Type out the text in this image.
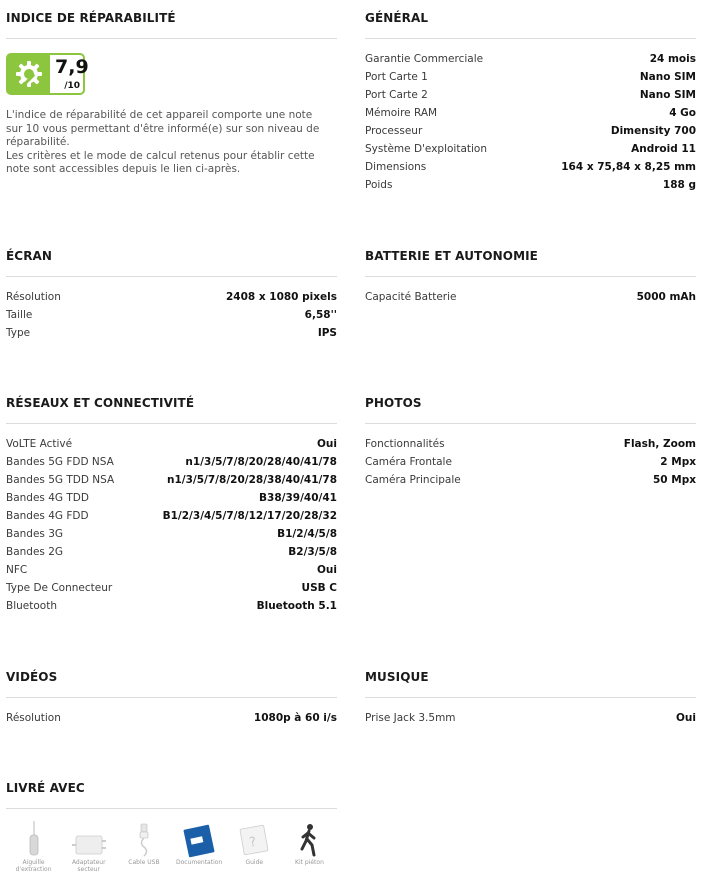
INDICE DE RÉPARABILITÉ
7,9
/10

L'indice de réparabilité de cet appareil comporte une note sur 10 vous permettant d'être informé(e) sur son niveau de réparabilité.

Les critères et le mode de calcul retenus pour établir cette note sont accessibles depuis le lien ci-après.

GÉNÉRAL
Garantie Commerciale	24 mois
Port Carte 1	Nano SIM
Port Carte 2	Nano SIM
Mémoire RAM	4 Go
Processeur	Dimensity 700
Système D'exploitation	Android 11
Dimensions	164 x 75,84 x 8,25 mm
Poids	188 g
ÉCRAN
Résolution	2408 x 1080 pixels
Taille	6,58''
Type	IPS
BATTERIE ET AUTONOMIE
Capacité Batterie	5000 mAh
RÉSEAUX ET CONNECTIVITÉ
VoLTE Activé	Oui
Bandes 5G FDD NSA	n1/3/5/7/8/20/28/40/41/78
Bandes 5G TDD NSA	n1/3/5/7/8/20/28/38/40/41/78
Bandes 4G TDD	B38/39/40/41
Bandes 4G FDD	B1/2/3/4/5/7/8/12/17/20/28/32
Bandes 3G	B1/2/4/5/8
Bandes 2G	B2/3/5/8
NFC	Oui
Type De Connecteur	USB C
Bluetooth	Bluetooth 5.1
PHOTOS
Fonctionnalités	Flash, Zoom
Caméra Frontale	2 Mpx
Caméra Principale	50 Mpx
VIDÉOS
Résolution	1080p à 60 i/s
MUSIQUE
Prise Jack 3.5mm	Oui
LIVRÉ AVEC
Aiguille d'extraction
Adaptateur secteur
Cable USB	Documentation
?
Guide	Kit piéton
